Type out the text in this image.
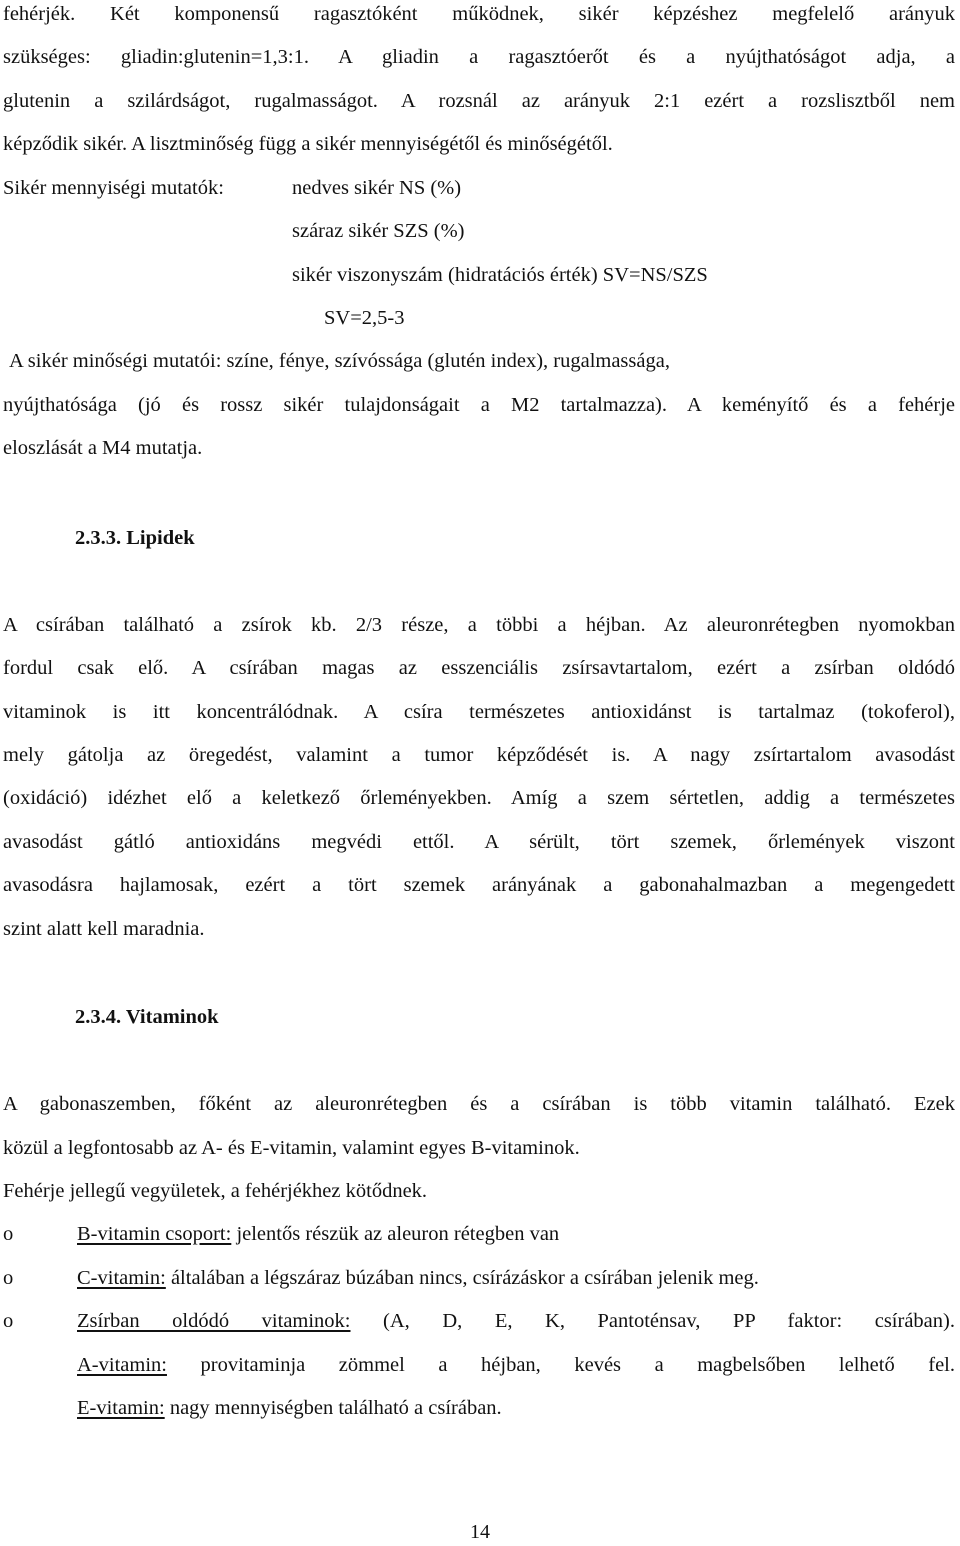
fehérjék. Két komponensű ragasztóként működnek, sikér képzéshez megfelelő arányuk
szükséges: gliadin:glutenin=1,3:1. A gliadin a ragasztóerőt és a nyújthatóságot adja, a
glutenin a szilárdságot, rugalmasságot. A rozsnál az arányuk 2:1 ezért a rozslisztből nem
képződik sikér. A lisztminőség függ a sikér mennyiségétől és minőségétől.
Sikér mennyiségi mutatók:	nedves sikér NS (%)
száraz sikér SZS (%)
sikér viszonyszám (hidratációs érték) SV=NS/SZS
SV=2,5-3
A sikér minőségi mutatói: színe, fénye, szívóssága (glutén index), rugalmassága,
nyújthatósága (jó és rossz sikér tulajdonságait a M2 tartalmazza). A keményítő és a fehérje
eloszlását a M4 mutatja.
2.3.3. Lipidek
A csírában található a zsírok kb. 2/3 része, a többi a héjban. Az aleuronrétegben nyomokban
fordul csak elő. A csírában magas az esszenciális zsírsavtartalom, ezért a zsírban oldódó
vitaminok is itt koncentrálódnak. A csíra természetes antioxidánst is tartalmaz (tokoferol),
mely gátolja az öregedést, valamint a tumor képződését is. A nagy zsírtartalom avasodást
(oxidáció) idézhet elő a keletkező őrleményekben. Amíg a szem sértetlen, addig a természetes
avasodást gátló antioxidáns megvédi ettől. A sérült, tört szemek, őrlemények viszont
avasodásra hajlamosak, ezért a tört szemek arányának a gabonahalmazban a megengedett
szint alatt kell maradnia.
2.3.4. Vitaminok
A gabonaszemben, főként az aleuronrétegben és a csírában is több vitamin található. Ezek
közül a legfontosabb az A- és E-vitamin, valamint egyes B-vitaminok.
Fehérje jellegű vegyületek, a fehérjékhez kötődnek.
o	B-vitamin csoport: jelentős részük az aleuron rétegben van
o	C-vitamin: általában a légszáraz búzában nincs, csírázáskor a csírában jelenik meg.
o	Zsírban oldódó vitaminok: (A, D, E, K, Pantoténsav, PP faktor: csírában).
A-vitamin: provitaminja zömmel a héjban, kevés a magbelsőben lelhető fel.
E-vitamin: nagy mennyiségben található a csírában.
14
